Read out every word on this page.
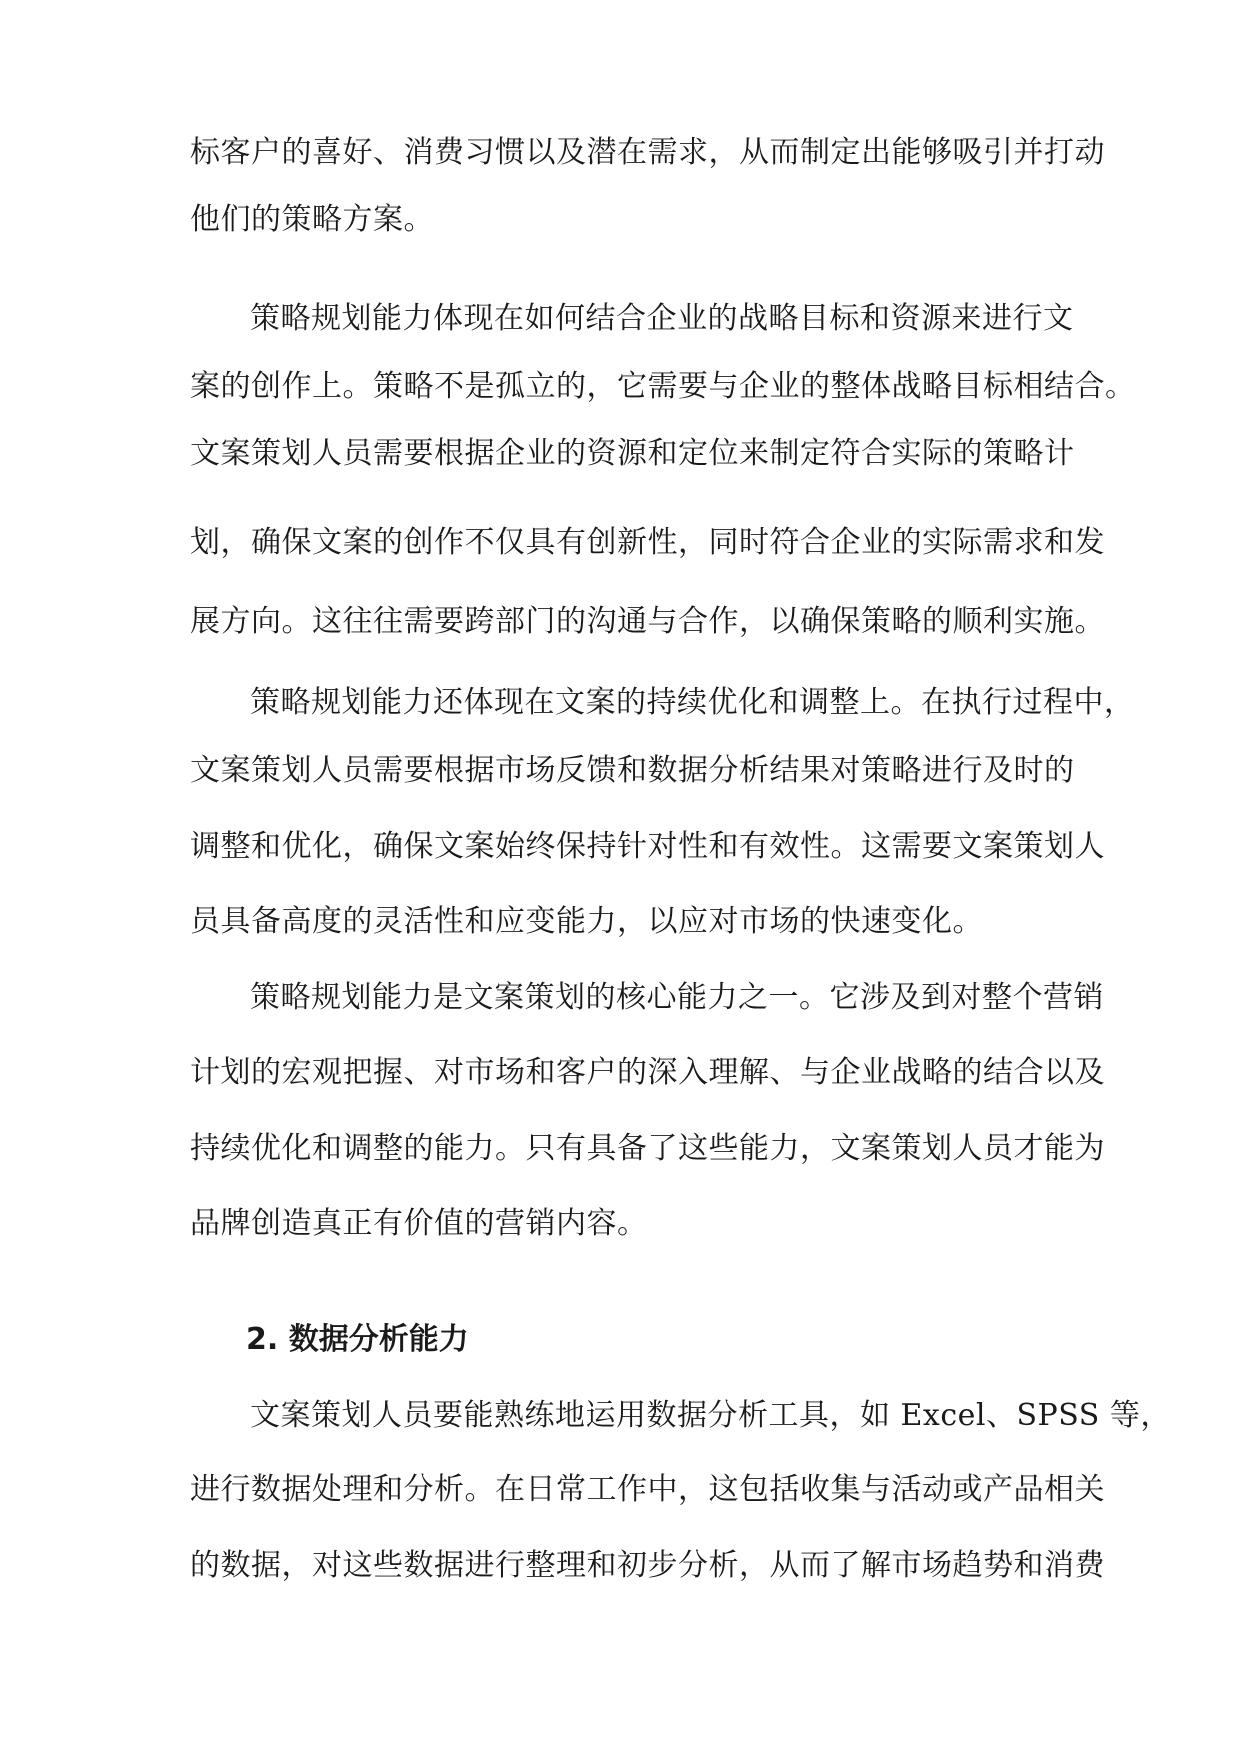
标客户的喜好、消费习惯以及潜在需求，从而制定出能够吸引并打动
他们的策略方案。
策略规划能力体现在如何结合企业的战略目标和资源来进行文
案的创作上。策略不是孤立的，它需要与企业的整体战略目标相结合。
文案策划人员需要根据企业的资源和定位来制定符合实际的策略计
划，确保文案的创作不仅具有创新性，同时符合企业的实际需求和发
展方向。这往往需要跨部门的沟通与合作，以确保策略的顺利实施。
策略规划能力还体现在文案的持续优化和调整上。在执行过程中，
文案策划人员需要根据市场反馈和数据分析结果对策略进行及时的
调整和优化，确保文案始终保持针对性和有效性。这需要文案策划人
员具备高度的灵活性和应变能力，以应对市场的快速变化。
策略规划能力是文案策划的核心能力之一。它涉及到对整个营销
计划的宏观把握、对市场和客户的深入理解、与企业战略的结合以及
持续优化和调整的能力。只有具备了这些能力，文案策划人员才能为
品牌创造真正有价值的营销内容。
2. 数据分析能力
文案策划人员要能熟练地运用数据分析工具，如 Excel、SPSS 等，
进行数据处理和分析。在日常工作中，这包括收集与活动或产品相关
的数据，对这些数据进行整理和初步分析，从而了解市场趋势和消费
